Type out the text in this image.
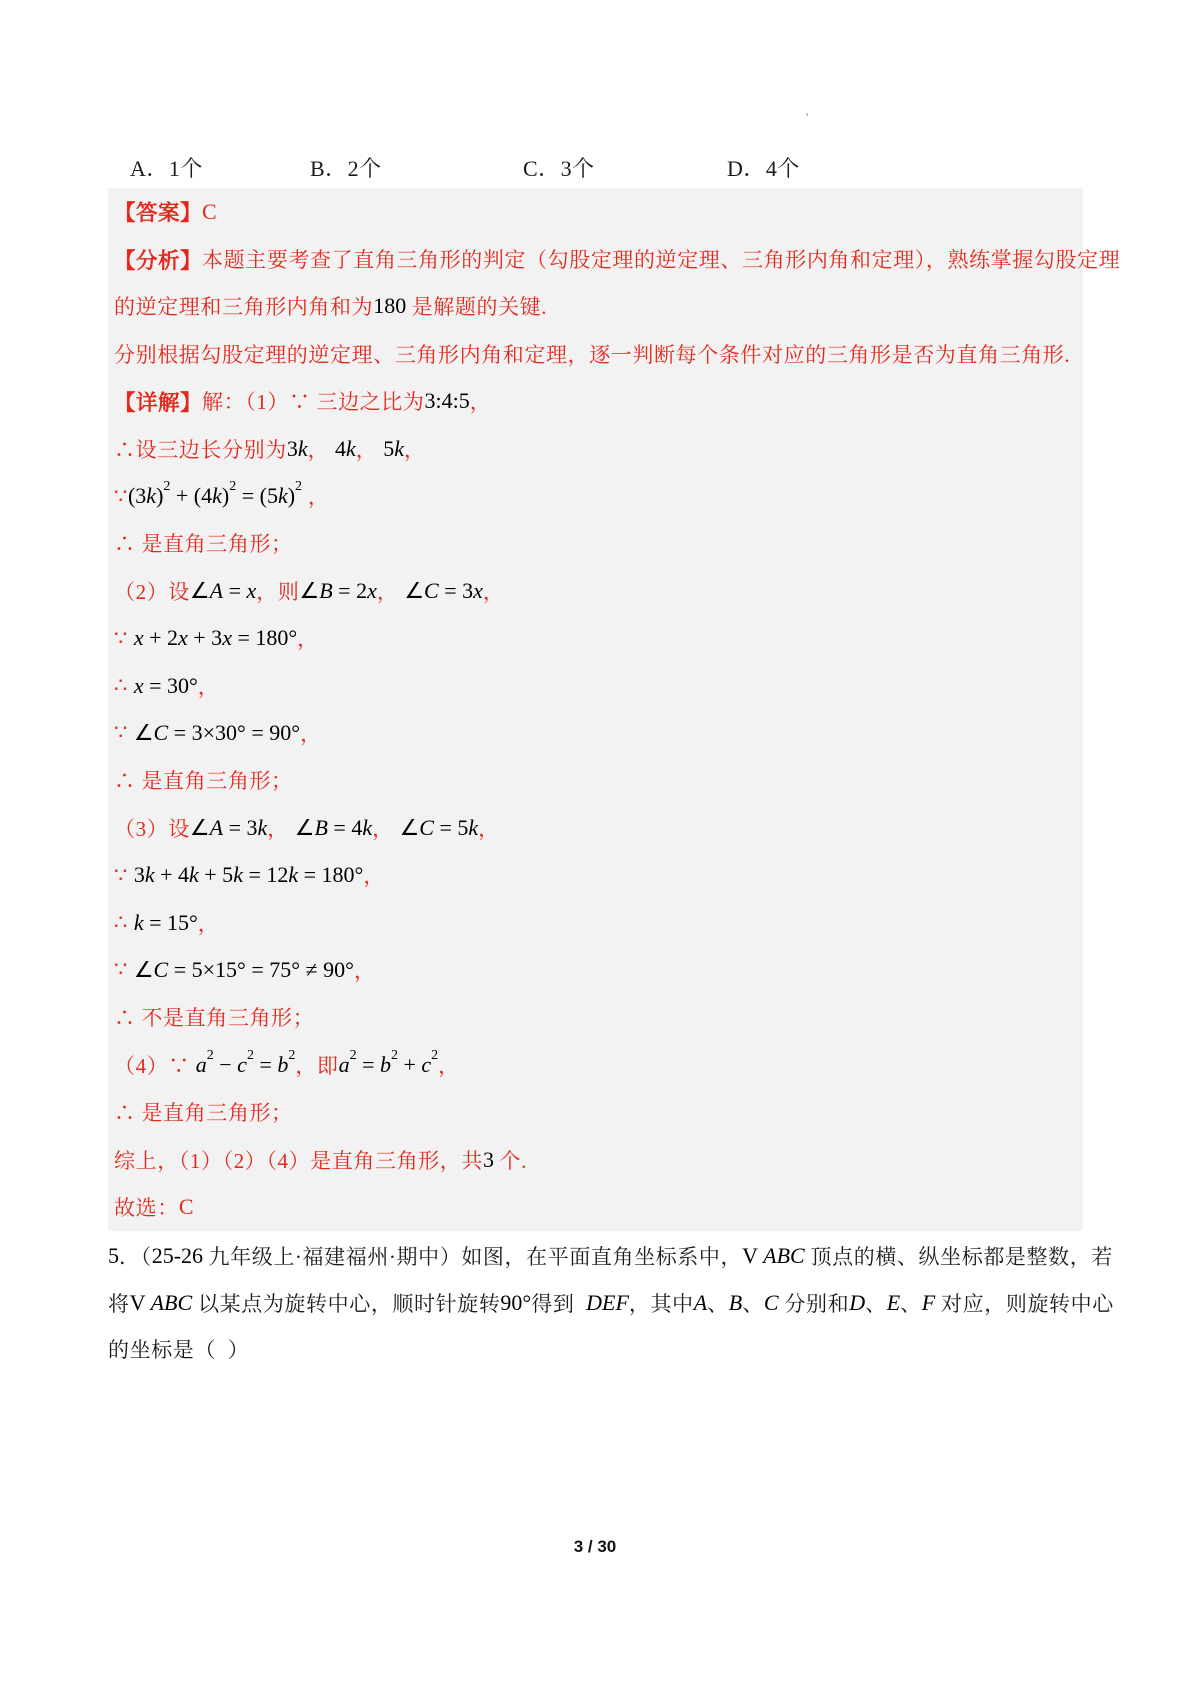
'
A．1个	B．2个	C．3个	D．4个
【答案】 C
【分析】 本题主要考查了直角三角形的判定（勾股定理的逆定理、三角形内角和定理），熟练掌握勾股定理
的逆定理和三角形内角和为 180 是解题的关键.
分别根据勾股定理的逆定理、三角形内角和定理，逐一判断每个条件对应的三角形是否为直角三角形.
【详解】 解：（1）∵ 三边之比为 3:4:5 ，
∴设三边长分别为 3 k ， 4 k ， 5 k ，
∵ (3 k ) 2 + (4 k ) 2 = (5 k ) 2 ，
∴ 是直角三角形；
（2）设 ∠ A = x ，则 ∠ B = 2 x ， ∠ C = 3 x ，
∵ x + 2 x + 3 x = 180° ，
∴ x = 30° ，
∵ ∠ C = 3×30° = 90° ，
∴ 是直角三角形；
（3）设 ∠ A = 3 k ， ∠ B = 4 k ， ∠ C = 5 k ，
∵ 3 k + 4 k + 5 k = 12 k = 180° ，
∴ k = 15° ，
∵ ∠ C = 5×15° = 75° ≠ 90° ，
∴ 不是直角三角形；
（4）∵ a 2 − c 2 = b 2 ，即 a 2 = b 2 + c 2 ，
∴ 是直角三角形；
综上，（1）（2）（4）是直角三角形，共 3 个.
故选： C
5 ．（ 25-26 九年级上·福建福州·期中）如图，在平面直角坐标系中， V ABC 顶点的横、纵坐标都是整数，若
将 V ABC 以某点为旋转中心，顺时针旋转 90° 得到 DEF ，其中 A 、 B 、 C 分别和 D 、 E 、 F 对应，则旋转中心
的坐标是（  ）
3 / 30
